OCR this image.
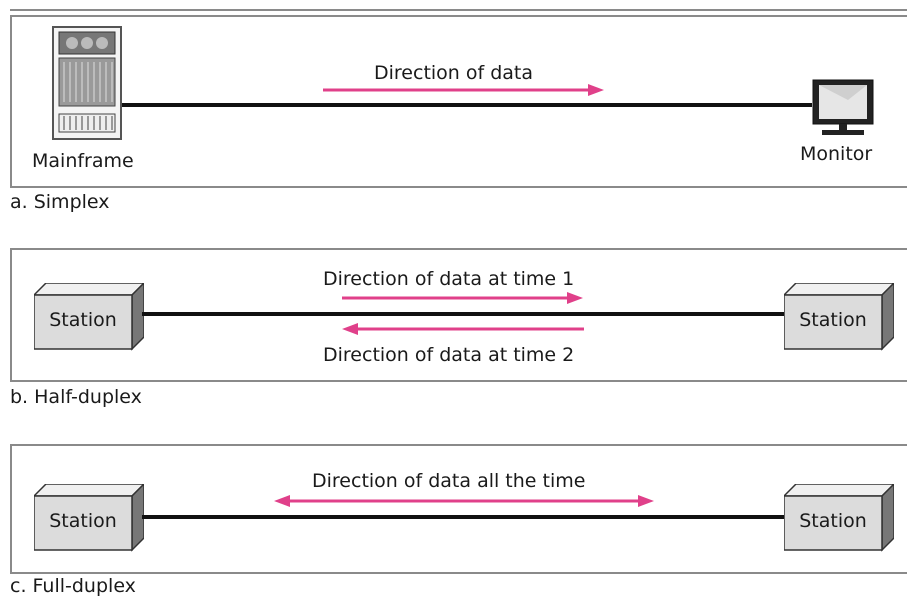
Direction of data
Mainframe	Monitor
a. Simplex
Station	Station
Direction of data at time 1
Direction of data at time 2
b. Half-duplex
Station	Station
Direction of data all the time
c. Full-duplex
